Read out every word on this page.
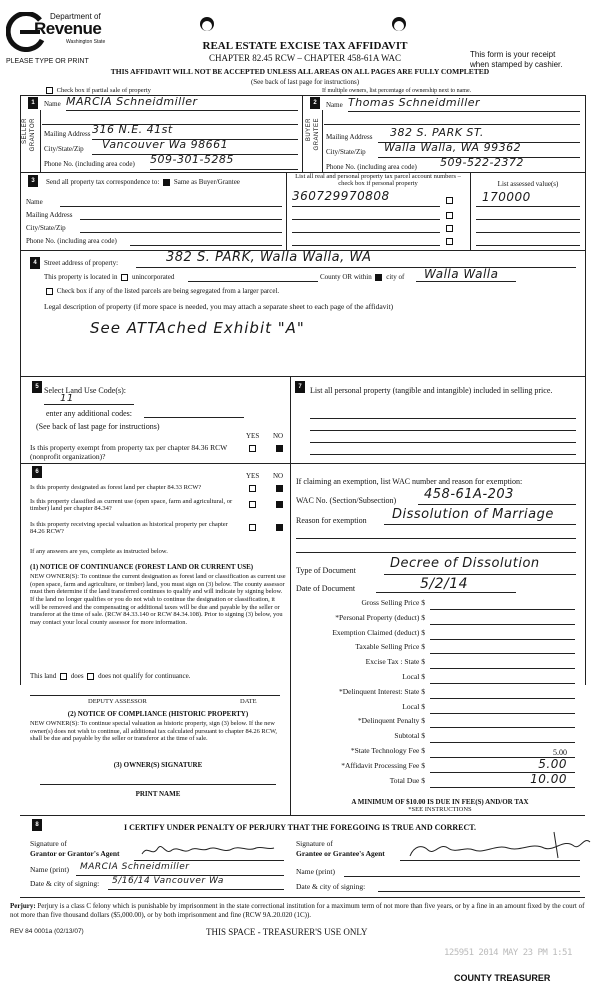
Department of
Revenue
Washington State
PLEASE TYPE OR PRINT
REAL ESTATE EXCISE TAX AFFIDAVIT
CHAPTER 82.45 RCW – CHAPTER 458-61A WAC
THIS AFFIDAVIT WILL NOT BE ACCEPTED UNLESS ALL AREAS ON ALL PAGES ARE FULLY COMPLETED
(See back of last page for instructions)
This form is your receipt
when stamped by cashier.
Check box if partial sale of property	If multiple owners, list percentage of ownership next to name.
1
SELLER GRANTOR
Name MARCIA Schneidmiller
Mailing Address 316 N.E. 41st
City/State/Zip Vancouver Wa 98661
Phone No. (including area code) 509-301-5285
2
BUYER GRANTEE
Name Thomas Schneidmiller
Mailing Address 382 S. PARK ST.
City/State/Zip Walla Walla, WA 99362
Phone No. (including area code) 509-522-2372
3	Send all property tax correspondence to: Same as Buyer/Grantee
Name
Mailing Address
City/State/Zip
Phone No. (including area code)
List all real and personal property tax parcel account numbers – check box if personal property	List assessed value(s)
360729970808	170000
4	Street address of property:	382 S. PARK, Walla Walla, WA
This property is located in unincorporated	County OR within city of Walla Walla
Check box if any of the listed parcels are being segregated from a larger parcel.
Legal description of property (if more space is needed, you may attach a separate sheet to each page of the affidavit)
See ATTAched Exhibit "A"
5 Select Land Use Code(s):
11
enter any additional codes:
(See back of last page for instructions)
YES NO
Is this property exempt from property tax per chapter 84.36 RCW (nonprofit organization)?
6	YES NO
Is this property designated as forest land per chapter 84.33 RCW?
Is this property classified as current use (open space, farm and agricultural, or timber) land per chapter 84.34?
Is this property receiving special valuation as historical property per chapter 84.26 RCW?
If any answers are yes, complete as instructed below.
(1) NOTICE OF CONTINUANCE (FOREST LAND OR CURRENT USE)
NEW OWNER(S): To continue the current designation as forest land or classification as current use (open space, farm and agriculture, or timber) land, you must sign on (3) below. The county assessor must then determine if the land transferred continues to qualify and will indicate by signing below. If the land no longer qualifies or you do not wish to continue the designation or classification, it will be removed and the compensating or additional taxes will be due and payable by the seller or transferor at the time of sale. (RCW 84.33.140 or RCW 84.34.108). Prior to signing (3) below, you may contact your local county assessor for more information.
This land does does not qualify for continuance.
DEPUTY ASSESSOR	DATE
(2) NOTICE OF COMPLIANCE (HISTORIC PROPERTY)
NEW OWNER(S): To continue special valuation as historic property, sign (3) below. If the new owner(s) does not wish to continue, all additional tax calculated pursuant to chapter 84.26 RCW, shall be due and payable by the seller or transferor at the time of sale.
(3) OWNER(S) SIGNATURE
PRINT NAME
7	List all personal property (tangible and intangible) included in selling price.
If claiming an exemption, list WAC number and reason for exemption:
WAC No. (Section/Subsection) 458-61A-203
Reason for exemption Dissolution of Marriage
Type of Document	Decree of Dissolution
Date of Document	5/2/14
Gross Selling Price $
*Personal Property (deduct) $
Exemption Claimed (deduct) $
Taxable Selling Price $
Excise Tax : State $
Local $
*Delinquent Interest: State $
Local $
*Delinquent Penalty $
Subtotal $
*State Technology Fee $	5.00
*Affidavit Processing Fee $	5.00
Total Due $	10.00
A MINIMUM OF $10.00 IS DUE IN FEE(S) AND/OR TAX
*SEE INSTRUCTIONS
8	I CERTIFY UNDER PENALTY OF PERJURY THAT THE FOREGOING IS TRUE AND CORRECT.
Signature of
Grantor or Grantor's Agent
Name (print) MARCIA Schneidmiller
Date & city of signing: 5/16/14 Vancouver Wa
Signature of
Grantee or Grantee's Agent
Name (print)
Date & city of signing:
Perjury: Perjury is a class C felony which is punishable by imprisonment in the state correctional institution for a maximum term of not more than five years, or by a fine in an amount fixed by the court of not more than five thousand dollars ($5,000.00), or by both imprisonment and fine (RCW 9A.20.020 (1C)).
REV 84 0001a (02/13/07)	THIS SPACE - TREASURER'S USE ONLY
125951 2014 MAY 23 PM 1:51
COUNTY TREASURER
